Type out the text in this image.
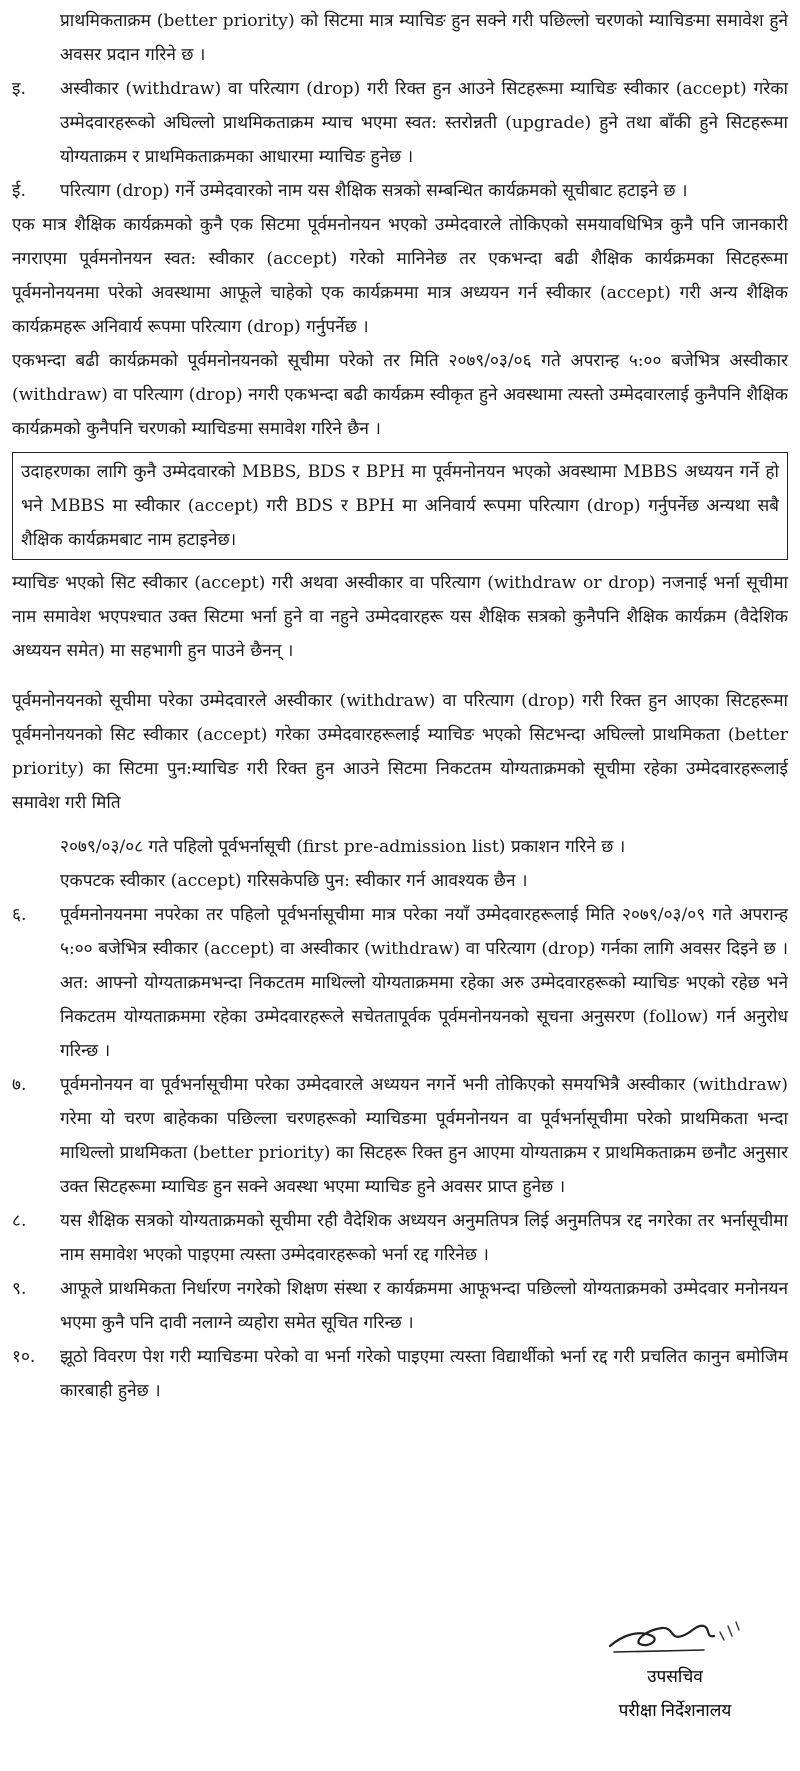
प्राथमिकताक्रम (better priority) को सिटमा मात्र म्याचिङ हुन सक्ने गरी पछिल्लो चरणको म्याचिङमा समावेश हुने अवसर प्रदान गरिने छ ।

इ.	अस्वीकार (withdraw) वा परित्याग (drop) गरी रिक्त हुन आउने सिटहरूमा म्याचिङ स्वीकार (accept) गरेका उम्मेदवारहरूको अघिल्लो प्राथमिकताक्रम म्याच भएमा स्वत: स्तरोन्नती (upgrade) हुने तथा बाँकी हुने सिटहरूमा योग्यताक्रम र प्राथमिकताक्रमका आधारमा म्याचिङ हुनेछ ।
ई.	परित्याग (drop) गर्ने उम्मेदवारको नाम यस शैक्षिक सत्रको सम्बन्धित कार्यक्रमको सूचीबाट हटाइने छ ।

एक मात्र शैक्षिक कार्यक्रमको कुनै एक सिटमा पूर्वमनोनयन भएको उम्मेदवारले तोकिएको समयावधिभित्र कुनै पनि जानकारी नगराएमा पूर्वमनोनयन स्वत: स्वीकार (accept) गरेको मानिनेछ तर एकभन्दा बढी शैक्षिक कार्यक्रमका सिटहरूमा पूर्वमनोनयनमा परेको अवस्थामा आफूले चाहेको एक कार्यक्रममा मात्र अध्ययन गर्न स्वीकार (accept) गरी अन्य शैक्षिक कार्यक्रमहरू अनिवार्य रूपमा परित्याग (drop) गर्नुपर्नेछ ।

एकभन्दा बढी कार्यक्रमको पूर्वमनोनयनको सूचीमा परेको तर मिति २०७९/०३/०६ गते अपरान्ह ५:०० बजेभित्र अस्वीकार (withdraw) वा परित्याग (drop) नगरी एकभन्दा बढी कार्यक्रम स्वीकृत हुने अवस्थामा त्यस्तो उम्मेदवारलाई कुनैपनि शैक्षिक कार्यक्रमको कुनैपनि चरणको म्याचिङमा समावेश गरिने छैन ।

उदाहरणका लागि कुनै उम्मेदवारको MBBS, BDS र BPH मा पूर्वमनोनयन भएको अवस्थामा MBBS अध्ययन गर्ने हो भने MBBS मा स्वीकार (accept) गरी BDS र BPH मा अनिवार्य रूपमा परित्याग (drop) गर्नुपर्नेछ अन्यथा सबै शैक्षिक कार्यक्रमबाट नाम हटाइनेछ।

म्याचिङ भएको सिट स्वीकार (accept) गरी अथवा अस्वीकार वा परित्याग (withdraw or drop) नजनाई भर्ना सूचीमा नाम समावेश भएपश्चात उक्त सिटमा भर्ना हुने वा नहुने उम्मेदवारहरू यस शैक्षिक सत्रको कुनैपनि शैक्षिक कार्यक्रम (वैदेशिक अध्ययन समेत) मा सहभागी हुन पाउने छैनन् ।

पूर्वमनोनयनको सूचीमा परेका उम्मेदवारले अस्वीकार (withdraw) वा परित्याग (drop) गरी रिक्त हुन आएका सिटहरूमा पूर्वमनोनयनको सिट स्वीकार (accept) गरेका उम्मेदवारहरूलाई म्याचिङ भएको सिटभन्दा अघिल्लो प्राथमिकता (better priority) का सिटमा पुन:म्याचिङ गरी रिक्त हुन आउने सिटमा निकटतम योग्यताक्रमको सूचीमा रहेका उम्मेदवारहरूलाई समावेश गरी मिति

२०७९/०३/०८ गते पहिलो पूर्वभर्नासूची (first pre-admission list) प्रकाशन गरिने छ ।

एकपटक स्वीकार (accept) गरिसकेपछि पुन: स्वीकार गर्न आवश्यक छैन ।

६.	पूर्वमनोनयनमा नपरेका तर पहिलो पूर्वभर्नासूचीमा मात्र परेका नयाँ उम्मेदवारहरूलाई मिति २०७९/०३/०९ गते अपरान्ह ५:०० बजेभित्र स्वीकार (accept) वा अस्वीकार (withdraw) वा परित्याग (drop) गर्नका लागि अवसर दिइने छ । अत: आफ्नो योग्यताक्रमभन्दा निकटतम माथिल्लो योग्यताक्रममा रहेका अरु उम्मेदवारहरूको म्याचिङ भएको रहेछ भने निकटतम योग्यताक्रममा रहेका उम्मेदवारहरूले सचेततापूर्वक पूर्वमनोनयनको सूचना अनुसरण (follow) गर्न अनुरोध गरिन्छ ।
७.	पूर्वमनोनयन वा पूर्वभर्नासूचीमा परेका उम्मेदवारले अध्ययन नगर्ने भनी तोकिएको समयभित्रै अस्वीकार (withdraw) गरेमा यो चरण बाहेकका पछिल्ला चरणहरूको म्याचिङमा पूर्वमनोनयन वा पूर्वभर्नासूचीमा परेको प्राथमिकता भन्दा माथिल्लो प्राथमिकता (better priority) का सिटहरू रिक्त हुन आएमा योग्यताक्रम र प्राथमिकताक्रम छनौट अनुसार उक्त सिटहरूमा म्याचिङ हुन सक्ने अवस्था भएमा म्याचिङ हुने अवसर प्राप्त हुनेछ ।
८.	यस शैक्षिक सत्रको योग्यताक्रमको सूचीमा रही वैदेशिक अध्ययन अनुमतिपत्र लिई अनुमतिपत्र रद्द नगरेका तर भर्नासूचीमा नाम समावेश भएको पाइएमा त्यस्ता उम्मेदवारहरूको भर्ना रद्द गरिनेछ ।
९.	आफूले प्राथमिकता निर्धारण नगरेको शिक्षण संस्था र कार्यक्रममा आफूभन्दा पछिल्लो योग्यताक्रमको उम्मेदवार मनोनयन भएमा कुनै पनि दावी नलाग्ने व्यहोरा समेत सूचित गरिन्छ ।
१०.	झूठो विवरण पेश गरी म्याचिङमा परेको वा भर्ना गरेको पाइएमा त्यस्ता विद्यार्थीको भर्ना रद्द गरी प्रचलित कानुन बमोजिम कारबाही हुनेछ ।
उपसचिव
परीक्षा निर्देशनालय
